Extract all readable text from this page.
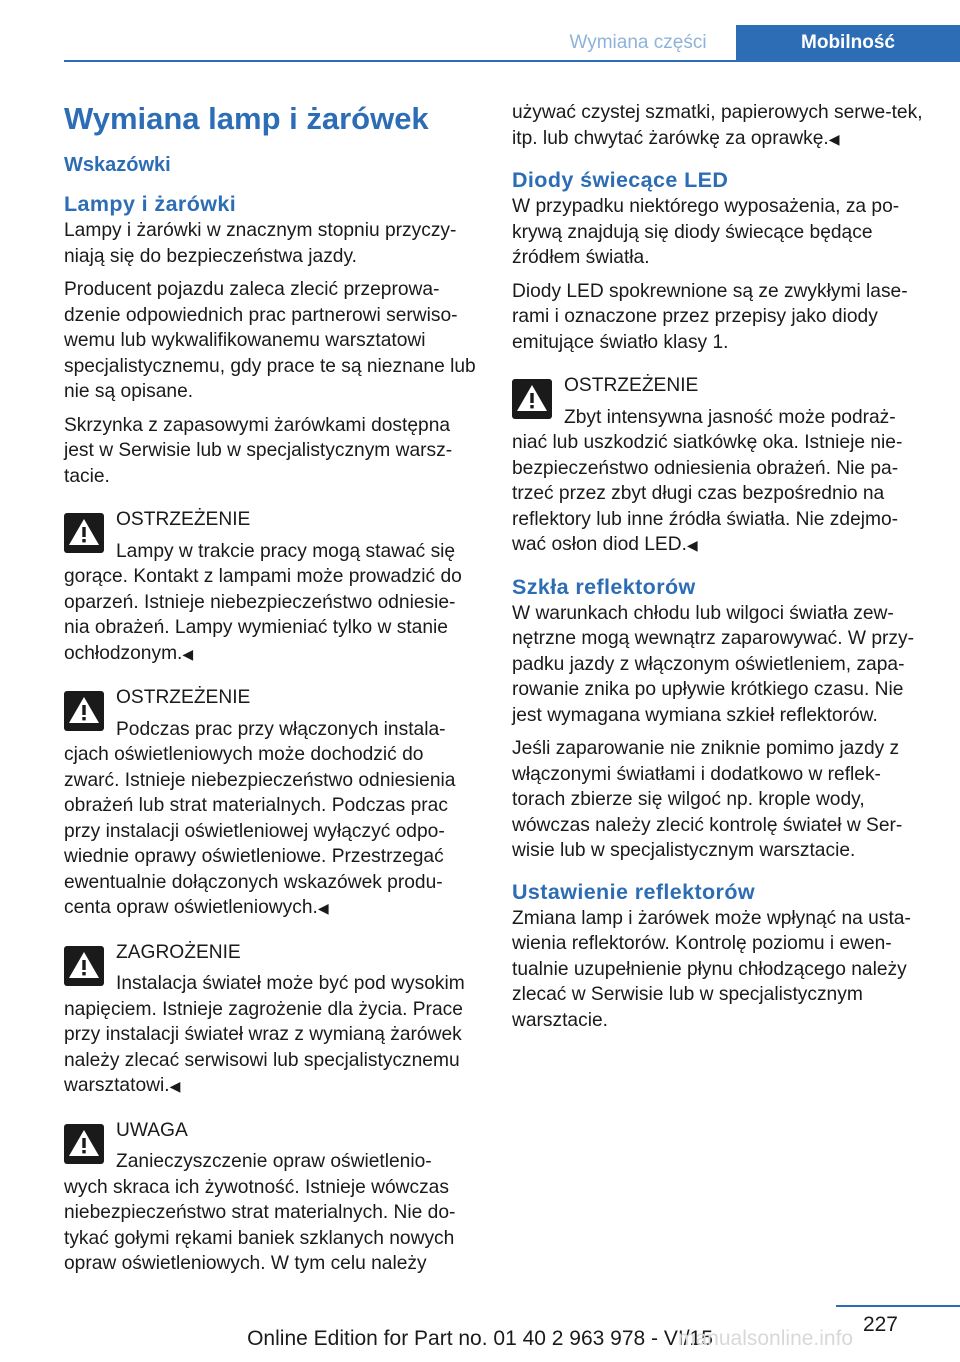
Wymiana części	Mobilność
Wymiana lamp i żarówek
Wskazówki
Lampy i żarówki

Lampy i żarówki w znacznym stopniu przyczy‐niają się do bezpieczeństwa jazdy.

Producent pojazdu zaleca zlecić przeprowa‐dzenie odpowiednich prac partnerowi serwiso‐wemu lub wykwalifikowanemu warsztatowi specjalistycznemu, gdy prace te są nieznane lub nie są opisane.

Skrzynka z zapasowymi żarówkami dostępna jest w Serwisie lub w specjalistycznym warsz‐tacie.

OSTRZEŻENIE
Lampy w trakcie pracy mogą stawać się
gorące. Kontakt z lampami może prowadzić do oparzeń. Istnieje niebezpieczeństwo odniesie‐nia obrażeń. Lampy wymieniać tylko w stanie ochłodzonym.◀
OSTRZEŻENIE
Podczas prac przy włączonych instala‐
cjach oświetleniowych może dochodzić do zwarć. Istnieje niebezpieczeństwo odniesienia obrażeń lub strat materialnych. Podczas prac przy instalacji oświetleniowej wyłączyć odpo‐wiednie oprawy oświetleniowe. Przestrzegać ewentualnie dołączonych wskazówek produ‐centa opraw oświetleniowych.◀
ZAGROŻENIE
Instalacja świateł może być pod wysokim
napięciem. Istnieje zagrożenie dla życia. Prace przy instalacji świateł wraz z wymianą żarówek należy zlecać serwisowi lub specjalistycznemu warsztatowi.◀
UWAGA
Zanieczyszczenie opraw oświetlenio‐
wych skraca ich żywotność. Istnieje wówczas niebezpieczeństwo strat materialnych. Nie do‐tykać gołymi rękami baniek szklanych nowych opraw oświetleniowych. W tym celu należy

używać czystej szmatki, papierowych serwe‐tek, itp. lub chwytać żarówkę za oprawkę.◀

Diody świecące LED

W przypadku niektórego wyposażenia, za po‐krywą znajdują się diody świecące będące źródłem światła.

Diody LED spokrewnione są ze zwykłymi lase‐rami i oznaczone przez przepisy jako diody emitujące światło klasy 1.

OSTRZEŻENIE
Zbyt intensywna jasność może podraż‐
niać lub uszkodzić siatkówkę oka. Istnieje nie‐bezpieczeństwo odniesienia obrażeń. Nie pa‐trzeć przez zbyt długi czas bezpośrednio na reflektory lub inne źródła światła. Nie zdejmo‐wać osłon diod LED.◀
Szkła reflektorów

W warunkach chłodu lub wilgoci światła zew‐nętrzne mogą wewnątrz zaparowywać. W przy‐padku jazdy z włączonym oświetleniem, zapa‐rowanie znika po upływie krótkiego czasu. Nie jest wymagana wymiana szkieł reflektorów.

Jeśli zaparowanie nie zniknie pomimo jazdy z włączonymi światłami i dodatkowo w reflek‐torach zbierze się wilgoć np. krople wody, wówczas należy zlecić kontrolę świateł w Ser‐wisie lub w specjalistycznym warsztacie.

Ustawienie reflektorów

Zmiana lamp i żarówek może wpłynąć na usta‐wienia reflektorów. Kontrolę poziomu i ewen‐tualnie uzupełnienie płynu chłodzącego należy zlecać w Serwisie lub w specjalistycznym warsztacie.

227
Online Edition for Part no. 01 40 2 963 978 - VI/15
manualsonline.info
